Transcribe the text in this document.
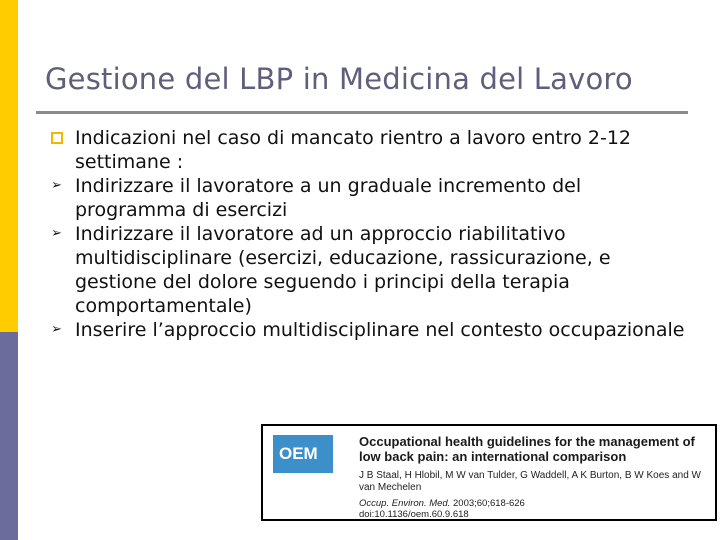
Gestione del LBP in Medicina del Lavoro
Indicazioni nel caso di mancato rientro a lavoro entro 2-12 settimane :
➢ Indirizzare il lavoratore a un graduale incremento del programma di esercizi
➢ Indirizzare il lavoratore ad un approccio riabilitativo multidisciplinare (esercizi, educazione, rassicurazione, e gestione del dolore seguendo i principi della terapia comportamentale)
➢ Inserire l’approccio multidisciplinare nel contesto occupazionale
OEM
Occupational health guidelines for the management of low back pain: an international comparison
J B Staal, H Hlobil, M W van Tulder, G Waddell, A K Burton, B W Koes and W van Mechelen
Occup. Environ. Med. 2003;60;618-626
doi:10.1136/oem.60.9.618
